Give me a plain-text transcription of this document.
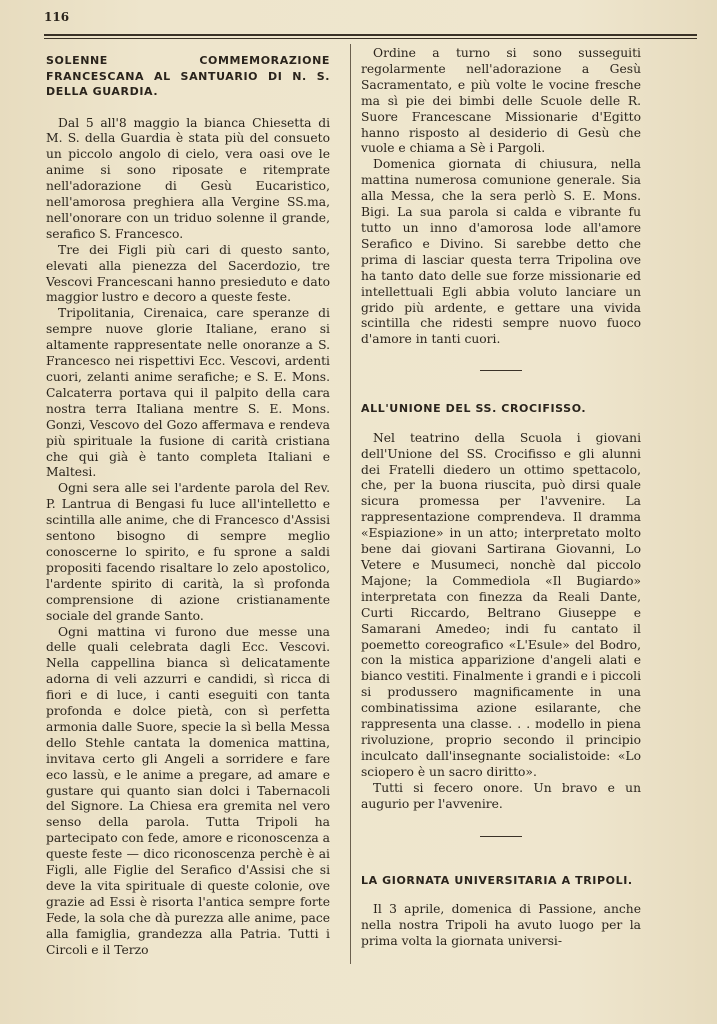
116
SOLENNE COMMEMORAZIONE FRANCESCANA AL SANTUARIO DI N. S. DELLA GUARDIA.

Dal 5 all'8 maggio la bianca Chiesetta di M. S. della Guardia è stata più del consueto un piccolo angolo di cielo, vera oasi ove le anime si sono riposate e ritemprate nell'adorazione di Gesù Eucaristico, nell'amorosa preghiera alla Vergine SS.ma, nell'onorare con un triduo solenne il grande, serafico S. Francesco.

Tre dei Figli più cari di questo santo, elevati alla pienezza del Sacerdozio, tre Vescovi Francescani hanno presieduto e dato maggior lustro e decoro a queste feste.

Tripolitania, Cirenaica, care speranze di sempre nuove glorie Italiane, erano si altamente rappresentate nelle onoranze a S. Francesco nei rispettivi Ecc. Vescovi, ardenti cuori, zelanti anime serafiche; e S. E. Mons. Calcaterra portava qui il palpito della cara nostra terra Italiana mentre S. E. Mons. Gonzi, Vescovo del Gozo affermava e rendeva più spirituale la fusione di carità cristiana che qui già è tanto completa Italiani e Maltesi.

Ogni sera alle sei l'ardente parola del Rev. P. Lantrua di Bengasi fu luce all'intelletto e scintilla alle anime, che di Francesco d'Assisi sentono bisogno di sempre meglio conoscerne lo spirito, e fu sprone a saldi propositi facendo risaltare lo zelo apostolico, l'ardente spirito di carità, la sì profonda comprensione di azione cristianamente sociale del grande Santo.

Ogni mattina vi furono due messe una delle quali celebrata dagli Ecc. Vescovi. Nella cappellina bianca sì delicatamente adorna di veli azzurri e candidi, sì ricca di fiori e di luce, i canti eseguiti con tanta profonda e dolce pietà, con sì perfetta armonia dalle Suore, specie la sì bella Messa dello Stehle cantata la domenica mattina, invitava certo gli Angeli a sorridere e fare eco lassù, e le anime a pregare, ad amare e gustare qui quanto sian dolci i Tabernacoli del Signore. La Chiesa era gremita nel vero senso della parola. Tutta Tripoli ha partecipato con fede, amore e riconoscenza a queste feste — dico riconoscenza perchè è ai Figli, alle Figlie del Serafico d'Assisi che si deve la vita spirituale di queste colonie, ove grazie ad Essi è risorta l'antica sempre forte Fede, la sola che dà purezza alle anime, pace alla famiglia, grandezza alla Patria. Tutti i Circoli e il Terzo

Ordine a turno si sono susseguiti regolarmente nell'adorazione a Gesù Sacramentato, e più volte le vocine fresche ma sì pie dei bimbi delle Scuole delle R. Suore Francescane Missionarie d'Egitto hanno risposto al desiderio di Gesù che vuole e chiama a Sè i Pargoli.

Domenica giornata di chiusura, nella mattina numerosa comunione generale. Sia alla Messa, che la sera perlò S. E. Mons. Bigi. La sua parola si calda e vibrante fu tutto un inno d'amorosa lode all'amore Serafico e Divino. Si sarebbe detto che prima di lasciar questa terra Tripolina ove ha tanto dato delle sue forze missionarie ed intellettuali Egli abbia voluto lanciare un grido più ardente, e gettare una vivida scintilla che ridesti sempre nuovo fuoco d'amore in tanti cuori.

ALL'UNIONE DEL SS. CROCIFISSO.

Nel teatrino della Scuola i giovani dell'Unione del SS. Crocifisso e gli alunni dei Fratelli diedero un ottimo spettacolo, che, per la buona riuscita, può dirsi quale sicura promessa per l'avvenire. La rappresentazione comprendeva. Il dramma «Espiazione» in un atto; interpretato molto bene dai giovani Sartirana Giovanni, Lo Vetere e Musumeci, nonchè dal piccolo Majone; la Commediola «Il Bugiardo» interpretata con finezza da Reali Dante, Curti Riccardo, Beltrano Giuseppe e Samarani Amedeo; indi fu cantato il poemetto coreografico «L'Esule» del Bodro, con la mistica apparizione d'angeli alati e bianco vestiti. Finalmente i grandi e i piccoli si produssero magnificamente in una combinatissima azione esilarante, che rappresenta una classe. . . modello in piena rivoluzione, proprio secondo il principio inculcato dall'insegnante socialistoide: «Lo sciopero è un sacro diritto».

Tutti si fecero onore. Un bravo e un augurio per l'avvenire.

LA GIORNATA UNIVERSITARIA A TRIPOLI.

Il 3 aprile, domenica di Passione, anche nella nostra Tripoli ha avuto luogo per la prima volta la giornata universi-
